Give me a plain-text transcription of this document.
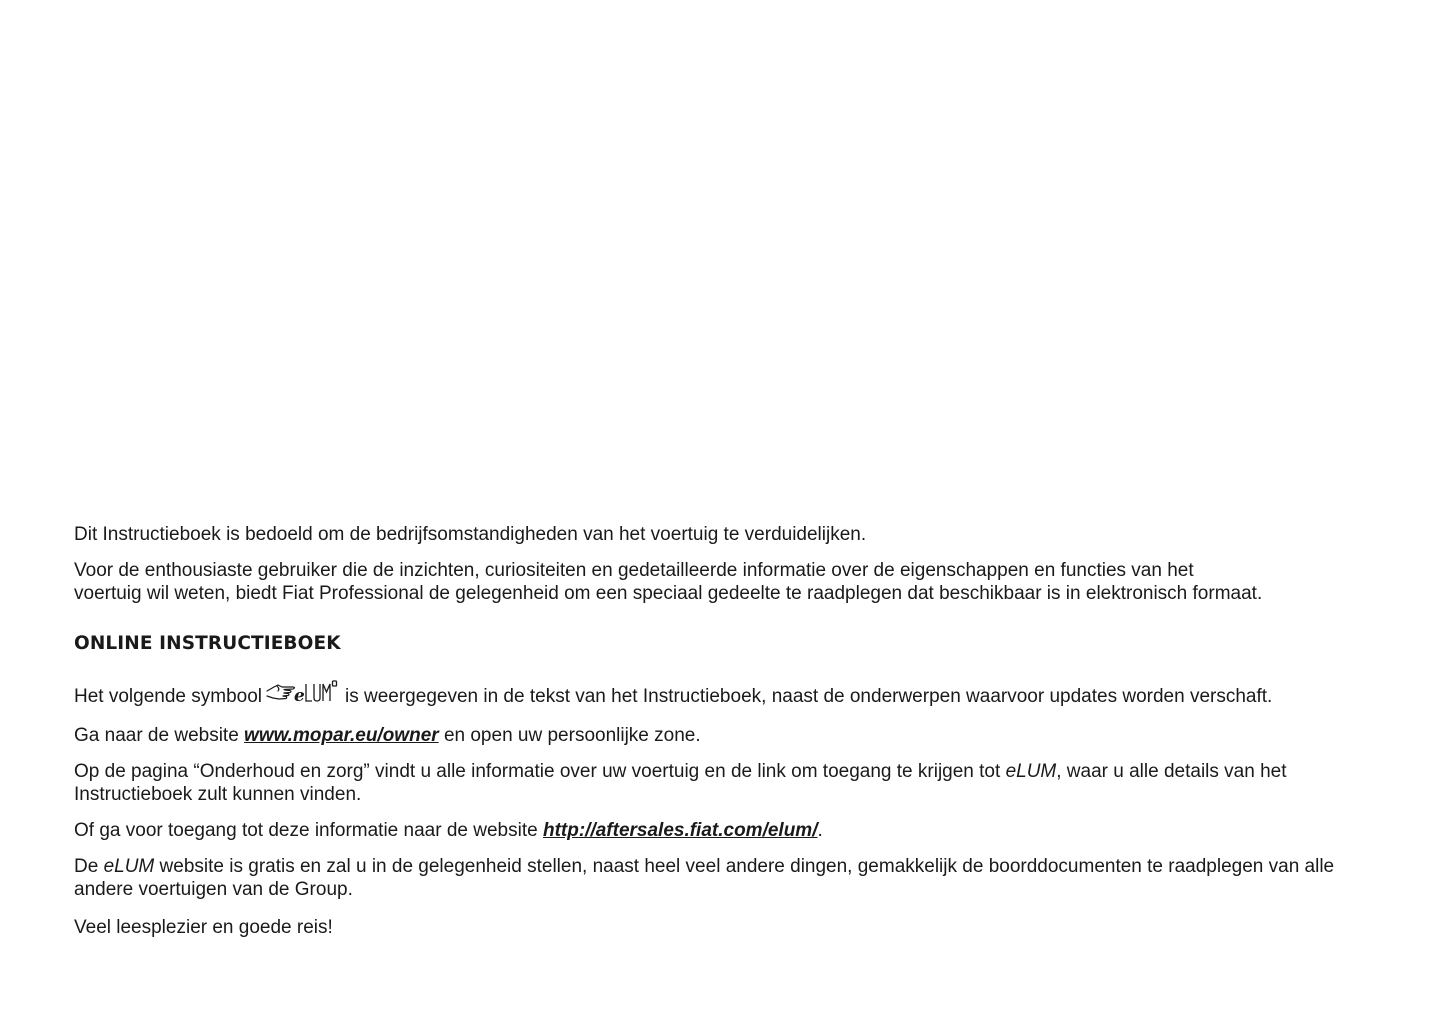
Dit Instructieboek is bedoeld om de bedrijfsomstandigheden van het voertuig te verduidelijken.

Voor de enthousiaste gebruiker die de inzichten, curiositeiten en gedetailleerde informatie over de eigenschappen en functies van het
voertuig wil weten, biedt Fiat Professional de gelegenheid om een speciaal gedeelte te raadplegen dat beschikbaar is in elektronisch formaat.

ONLINE INSTRUCTIEBOEK

Het volgende symbool e is weergegeven in de tekst van het Instructieboek, naast de onderwerpen waarvoor updates worden verschaft.

Ga naar de website www.mopar.eu/owner en open uw persoonlijke zone.

Op de pagina “Onderhoud en zorg” vindt u alle informatie over uw voertuig en de link om toegang te krijgen tot eLUM, waar u alle details van het
Instructieboek zult kunnen vinden.

Of ga voor toegang tot deze informatie naar de website http://aftersales.fiat.com/elum/.

De eLUM website is gratis en zal u in de gelegenheid stellen, naast heel veel andere dingen, gemakkelijk de boorddocumenten te raadplegen van alle
andere voertuigen van de Group.

Veel leesplezier en goede reis!
